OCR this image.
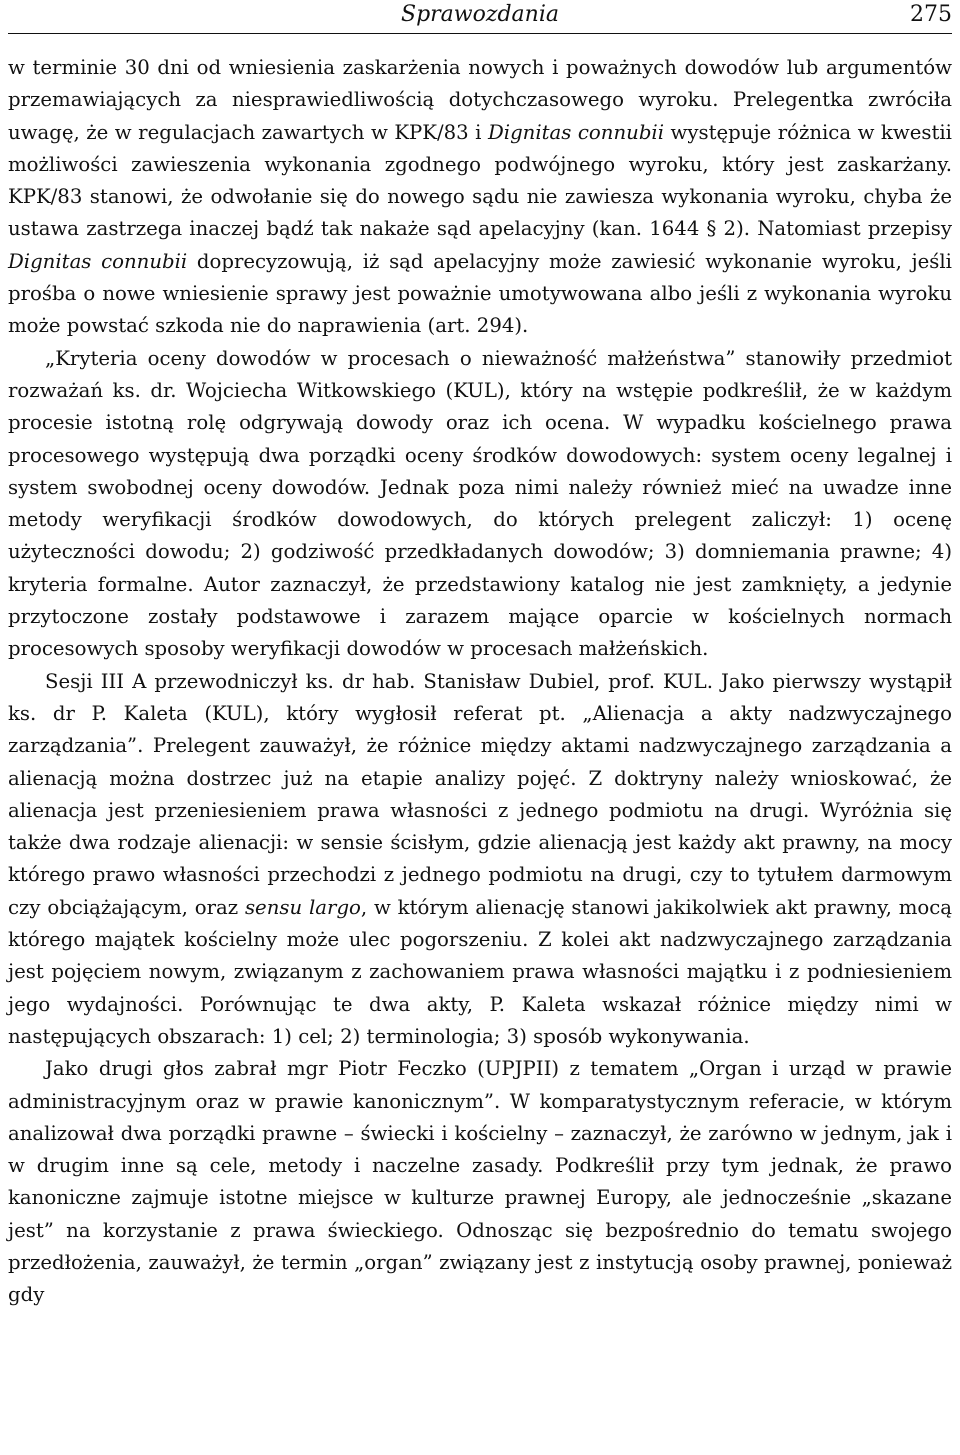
Sprawozdania	275

w terminie 30 dni od wniesienia zaskarżenia nowych i poważnych dowodów lub argumentów przemawiających za niesprawiedliwością dotychczasowego wyroku. Prelegentka zwróciła uwagę, że w regulacjach zawartych w KPK/83 i Dignitas connubii występuje różnica w kwestii możliwości zawieszenia wykonania zgodnego podwójnego wyroku, który jest zaskarżany. KPK/83 stanowi, że odwołanie się do nowego sądu nie zawiesza wykonania wyroku, chyba że ustawa zastrzega inaczej bądź tak nakaże sąd apelacyjny (kan. 1644 § 2). Natomiast przepisy Dignitas connubii doprecyzowują, iż sąd apelacyjny może zawiesić wykonanie wyroku, jeśli prośba o nowe wniesienie sprawy jest poważnie umotywowana albo jeśli z wykonania wyroku może powstać szkoda nie do naprawienia (art. 294).

„Kryteria oceny dowodów w procesach o nieważność małżeństwa” stanowiły przedmiot rozważań ks. dr. Wojciecha Witkowskiego (KUL), który na wstępie podkreślił, że w każdym procesie istotną rolę odgrywają dowody oraz ich ocena. W wypadku kościelnego prawa procesowego występują dwa porządki oceny środków dowodowych: system oceny legalnej i system swobodnej oceny dowodów. Jednak poza nimi należy również mieć na uwadze inne metody weryfikacji środków dowodowych, do których prelegent zaliczył: 1) ocenę użyteczności dowodu; 2) godziwość przedkładanych dowodów; 3) domniemania prawne; 4) kryteria formalne. Autor zaznaczył, że przedstawiony katalog nie jest zamknięty, a jedynie przytoczone zostały podstawowe i zarazem mające oparcie w kościelnych normach procesowych sposoby weryfikacji dowodów w procesach małżeńskich.

Sesji III A przewodniczył ks. dr hab. Stanisław Dubiel, prof. KUL. Jako pierwszy wystąpił ks. dr P. Kaleta (KUL), który wygłosił referat pt. „Alienacja a akty nadzwyczajnego zarządzania”. Prelegent zauważył, że różnice między aktami nadzwyczajnego zarządzania a alienacją można dostrzec już na etapie analizy pojęć. Z doktryny należy wnioskować, że alienacja jest przeniesieniem prawa własności z jednego podmiotu na drugi. Wyróżnia się także dwa rodzaje alienacji: w sensie ścisłym, gdzie alienacją jest każdy akt prawny, na mocy którego prawo własności przechodzi z jednego podmiotu na drugi, czy to tytułem darmowym czy obciążającym, oraz sensu largo, w którym alienację stanowi jakikolwiek akt prawny, mocą którego majątek kościelny może ulec pogorszeniu. Z kolei akt nadzwyczajnego zarządzania jest pojęciem nowym, związanym z zachowaniem prawa własności majątku i z podniesieniem jego wydajności. Porównując te dwa akty, P. Kaleta wskazał różnice między nimi w następujących obszarach: 1) cel; 2) terminologia; 3) sposób wykonywania.

Jako drugi głos zabrał mgr Piotr Feczko (UPJPII) z tematem „Organ i urząd w prawie administracyjnym oraz w prawie kanonicznym”. W komparatystycznym referacie, w którym analizował dwa porządki prawne – świecki i kościelny – zaznaczył, że zarówno w jednym, jak i w drugim inne są cele, metody i naczelne zasady. Podkreślił przy tym jednak, że prawo kanoniczne zajmuje istotne miejsce w kulturze prawnej Europy, ale jednocześnie „skazane jest” na korzystanie z prawa świeckiego. Odnosząc się bezpośrednio do tematu swojego przedłożenia, zauważył, że termin „organ” związany jest z instytucją osoby prawnej, ponieważ gdy
